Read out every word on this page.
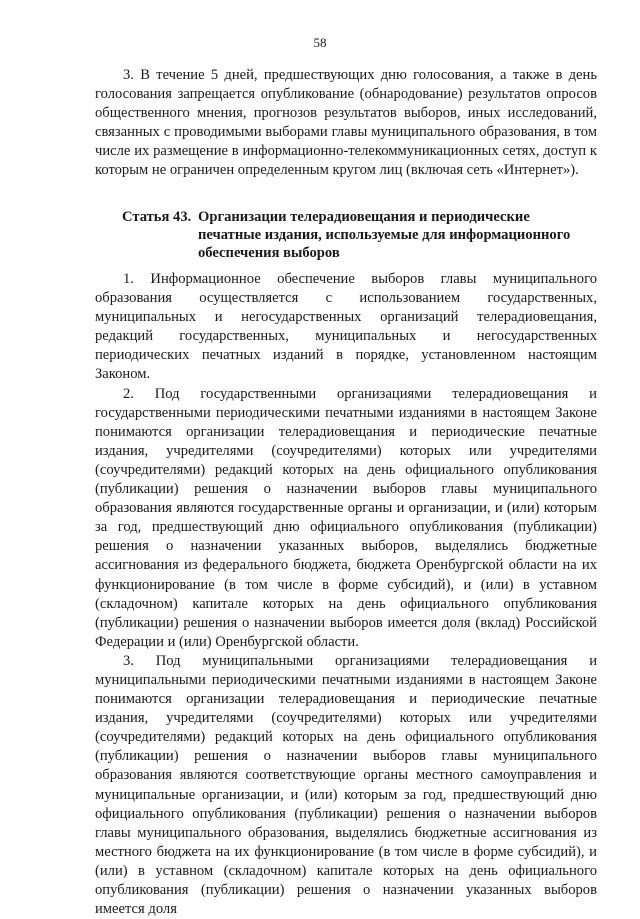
58

3. В течение 5 дней, предшествующих дню голосования, а также в день голосования запрещается опубликование (обнародование) результатов опросов общественного мнения, прогнозов результатов выборов, иных исследований, связанных с проводимыми выборами главы муниципального образования, в том числе их размещение в информационно-телекоммуникационных сетях, доступ к которым не ограничен определенным кругом лиц (включая сеть «Интернет»).

Статья 43. Организации телерадиовещания и периодические
печатные издания, используемые для информационного
обеспечения выборов

1. Информационное обеспечение выборов главы муниципального образования осуществляется с использованием государственных, муниципальных и негосударственных организаций телерадиовещания, редакций государственных, муниципальных и негосударственных периодических печатных изданий в порядке, установленном настоящим Законом.

2. Под государственными организациями телерадиовещания и государственными периодическими печатными изданиями в настоящем Законе понимаются организации телерадиовещания и периодические печатные издания, учредителями (соучредителями) которых или учредителями (соучредителями) редакций которых на день официального опубликования (публикации) решения о назначении выборов главы муниципального образования являются государственные органы и организации, и (или) которым за год, предшествующий дню официального опубликования (публикации) решения о назначении указанных выборов, выделялись бюджетные ассигнования из федерального бюджета, бюджета Оренбургской области на их функционирование (в том числе в форме субсидий), и (или) в уставном (складочном) капитале которых на день официального опубликования (публикации) решения о назначении выборов имеется доля (вклад) Российской Федерации и (или) Оренбургской области.

3. Под муниципальными организациями телерадиовещания и муниципальными периодическими печатными изданиями в настоящем Законе понимаются организации телерадиовещания и периодические печатные издания, учредителями (соучредителями) которых или учредителями (соучредителями) редакций которых на день официального опубликования (публикации) решения о назначении выборов главы муниципального образования являются соответствующие органы местного самоуправления и муниципальные организации, и (или) которым за год, предшествующий дню официального опубликования (публикации) решения о назначении выборов главы муниципального образования, выделялись бюджетные ассигнования из местного бюджета на их функционирование (в том числе в форме субсидий), и (или) в уставном (складочном) капитале которых на день официального опубликования (публикации) решения о назначении указанных выборов имеется доля
